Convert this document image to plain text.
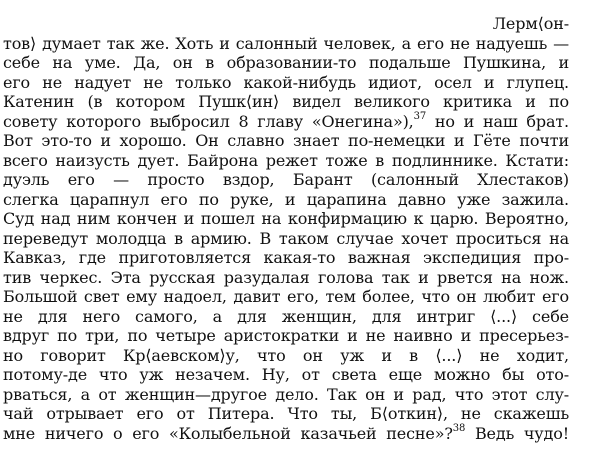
Лерм⟨он-
тов⟩ думает так же. Хоть и салонный человек, а его не надуешь —
себе на уме. Да, он в образовании-то подальше Пушкина, и
его не надует не только какой-нибудь идиот, осел и глупец.
Катенин (в котором Пушк⟨ин⟩ видел великого критика и по
совету которого выбросил 8 главу «Онегина»),$^{37}$ но и наш брат.
Вот это-то и хорошо. Он славно знает по-немецки и Гёте почти
всего наизусть дует. Байрона режет тоже в подлиннике. Кстати:
дуэль его — просто вздор, Барант (салонный Хлестаков)
слегка царапнул его по руке, и царапина давно уже зажила.
Суд над ним кончен и пошел на конфирмацию к царю. Вероятно,
переведут молодца в армию. В таком случае хочет проситься на
Кавказ, где приготовляется какая-то важная экспедиция про-
тив черкес. Эта русская разудалая голова так и рвется на нож.
Большой свет ему надоел, давит его, тем более, что он любит его
не для него самого, а для женщин, для интриг ⟨...⟩ себе
вдруг по три, по четыре аристократки и не наивно и пресерьез-
но говорит Кр⟨аевском⟩у, что он уж и в ⟨...⟩ не ходит,
потому-де что уж незачем. Ну, от света еще можно бы ото-
рваться, а от женщин—другое дело. Так он и рад, что этот слу-
чай отрывает его от Питера. Что ты, Б⟨откин⟩, не скажешь
мне ничего о его «Колыбельной казачьей песне»?$^{38}$ Ведь чудо!
